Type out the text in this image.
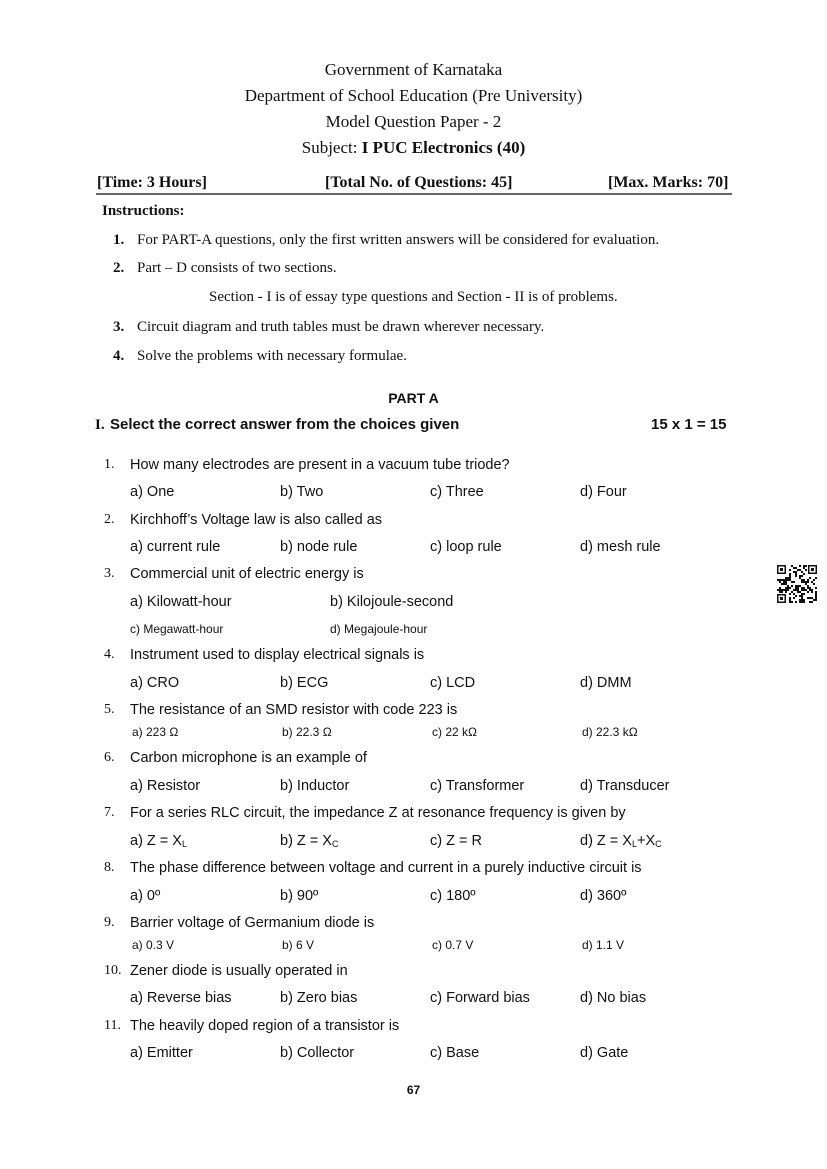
Government of Karnataka
Department of School Education (Pre University)
Model Question Paper - 2
Subject: I PUC Electronics (40)
[Time: 3 Hours]	[Total No. of Questions: 45]	[Max. Marks: 70]
Instructions:
1. For PART-A questions, only the first written answers will be considered for evaluation.
2. Part – D consists of two sections.
Section - I is of essay type questions and Section - II is of problems.
3. Circuit diagram and truth tables must be drawn wherever necessary.
4. Solve the problems with necessary formulae.
PART A
I. Select the correct answer from the choices given	15 x 1 = 15
1. How many electrodes are present in a vacuum tube triode?
a) One	b) Two	c) Three	d) Four
2. Kirchhoff’s Voltage law is also called as
a) current rule	b) node rule	c) loop rule	d) mesh rule
3. Commercial unit of electric energy is
a) Kilowatt-hour	b) Kilojoule-second
c) Megawatt-hour	d) Megajoule-hour
4. Instrument used to display electrical signals is
a) CRO	b) ECG	c) LCD	d) DMM
5. The resistance of an SMD resistor with code 223 is
a) 223 Ω	b) 22.3 Ω	c) 22 kΩ	d) 22.3 kΩ
6. Carbon microphone is an example of
a) Resistor	b) Inductor	c) Transformer	d) Transducer
7. For a series RLC circuit, the impedance Z at resonance frequency is given by
a) $Z = X_L$	b) $Z = X_C$	c) Z = R	d) $Z = X_L+X_C$
8. The phase difference between voltage and current in a purely inductive circuit is
a) 0º	b) 90º	c) 180º	d) 360º
9. Barrier voltage of Germanium diode is
a) 0.3 V	b) 6 V	c) 0.7 V	d) 1.1 V
10. Zener diode is usually operated in
a) Reverse bias	b) Zero bias	c) Forward bias	d) No bias
11. The heavily doped region of a transistor is
a) Emitter	b) Collector	c) Base	d) Gate
67
